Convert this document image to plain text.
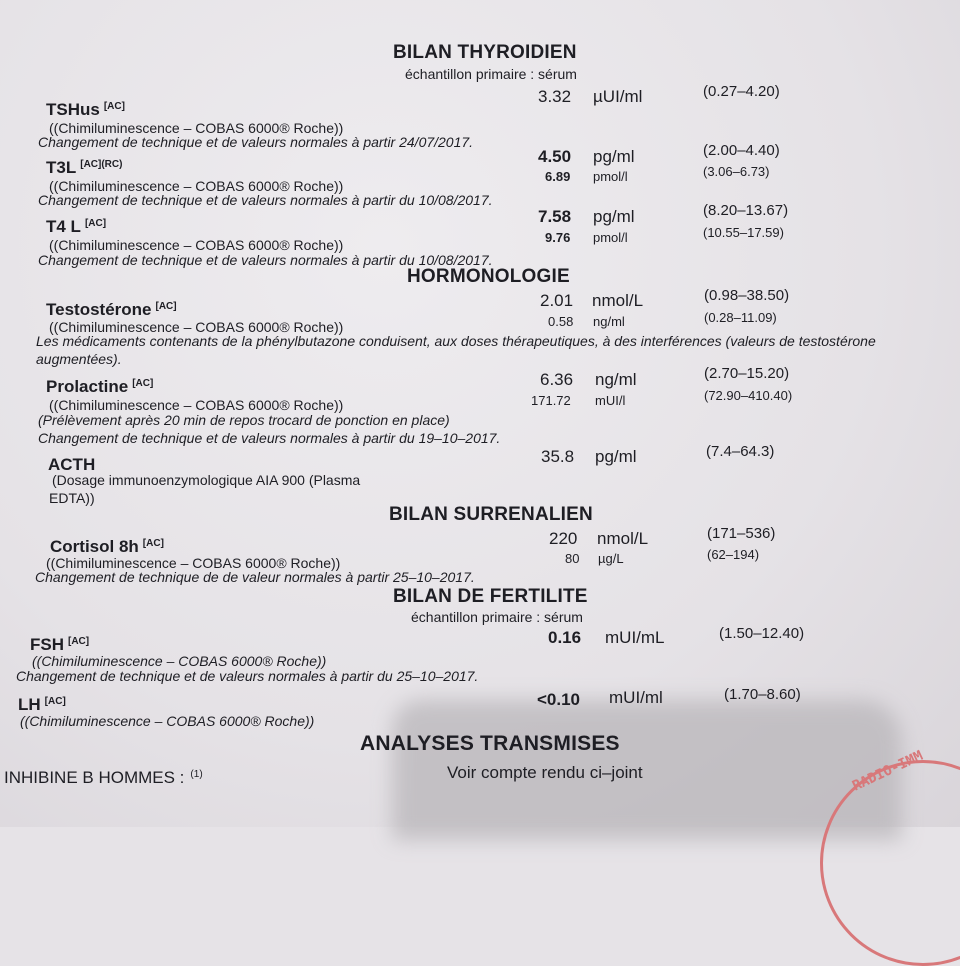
BILAN THYROIDIEN
échantillon primaire : sérum
TSHus [AC]
3.32 µUI/ml	(0.27–4.20)
((Chimiluminescence – COBAS 6000® Roche))
Changement de technique et de valeurs normales à partir 24/07/2017.
T3L $^{[AC](RC)}$	4.50 pg/ml	(2.00–4.40)
6.89 pmol/l	(3.06–6.73)
((Chimiluminescence – COBAS 6000® Roche))
Changement de technique et de valeurs normales à partir du 10/08/2017.
T4 L [AC]	7.58 pg/ml	(8.20–13.67)
9.76 pmol/l	(10.55–17.59)
((Chimiluminescence – COBAS 6000® Roche))
Changement de technique et de valeurs normales à partir du 10/08/2017.
HORMONOLOGIE
Testostérone [AC]	2.01 nmol/L	(0.98–38.50)
0.58 ng/ml	(0.28–11.09)
((Chimiluminescence – COBAS 6000® Roche))
Les médicaments contenants de la phénylbutazone conduisent, aux doses thérapeutiques, à des interférences (valeurs de testostérone
augmentées).
Prolactine [AC]	6.36 ng/ml	(2.70–15.20)
171.72 mUI/l	(72.90–410.40)
((Chimiluminescence – COBAS 6000® Roche))
(Prélèvement après 20 min de repos trocard de ponction en place)
Changement de technique et de valeurs normales à partir du 19–10–2017.
ACTH	35.8 pg/ml	(7.4–64.3)
(Dosage immunoenzymologique AIA 900 (Plasma
EDTA))
BILAN SURRENALIEN
Cortisol 8h [AC]	220 nmol/L	(171–536)
80 µg/L	(62–194)
((Chimiluminescence – COBAS 6000® Roche))
Changement de technique de de valeur normales à partir 25–10–2017.
BILAN DE FERTILITE
échantillon primaire : sérum
FSH [AC]	0.16 mUI/mL	(1.50–12.40)
((Chimiluminescence – COBAS 6000® Roche))
Changement de technique et de valeurs normales à partir du 25–10–2017.
LH [AC]	<0.10 mUI/ml	(1.70–8.60)
((Chimiluminescence – COBAS 6000® Roche))
ANALYSES TRANSMISES
INHIBINE B HOMMES : $^{(1)}$	Voir compte rendu ci–joint	RADIO-IMM
